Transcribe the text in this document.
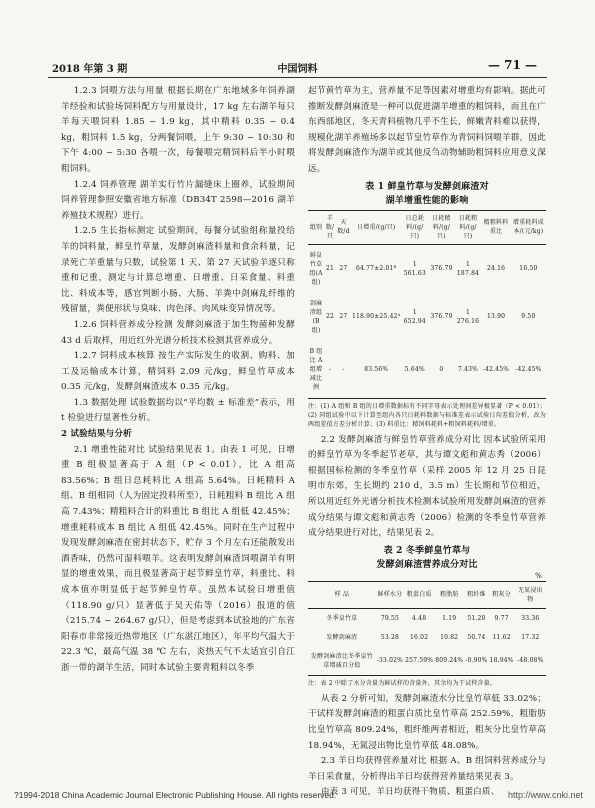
2018 年第 3 期	中国饲料	— 71 —

1.2.3 饲喂方法与用量 根据长期在广东地域多年饲养湖羊经验和试验场饲料配方与用量设计，17 kg 左右湖羊每只羊每天喂饲料 1.85 ~ 1.9 kg，其中精料 0.35 ~ 0.4 kg，粗饲料 1.5 kg，分两餐饲喂，上午 9:30 ~ 10:30 和下午 4:00 ~ 5:30 各喂一次，每餐喂完精饲料后半小时喂粗饲料。

1.2.4 饲养管理 湖羊实行竹片漏缝床上圈养，试验期间饲养管理参照安徽省地方标准（DB34T 2598—2016 湖羊养殖技术规程）进行。

1.2.5 生长指标测定 试验期间，每餐分试验组称量投给羊的饲料量，鲜皇竹草量，发酵剑麻渣料量和食余料量，记录死亡羊重量与只数，试验第 1 天、第 27 天试验羊逐只称重和记重，测定与计算总增重、日增重、日采食量、料重比、料成本等，感官判断小肠、大肠、羊粪中剑麻乱纤维的残留量，粪便形状与臭味、肉色泽、肉风味变异情况等。

1.2.6 饲料营养成分检测 发酵剑麻渣于加生物菌种发酵 43 d 后取样，用近红外光谱分析技术检测其营养成分。

1.2.7 饲料成本核算 按生产实际发生的收割、购料、加工及运输成本计算，精饲料 2.09 元/kg，鲜皇竹草成本 0.35 元/kg，发酵剑麻渣成本 0.35 元/kg。

1.3 数据处理 试验数据均以“平均数 ± 标准差”表示，用 t 检验进行显著性分析。

2 试验结果与分析

2.1 增重性能对比 试验结果见表 1。由表 1 可见，日增重 B 组极显著高于 A 组（P < 0.01），比 A 组高 83.56%；B 组日总耗料比 A 组高 5.64%。日耗精料 A 组、B 组相同（人为固定投料所至），日耗粗料 B 组比 A 组高 7.43%；精粗料合计的料重比 B 组比 A 组低 42.45%；增重耗料成本 B 组比 A 组低 42.45%。同时在生产过程中发现发酵剑麻渣在密封状态下，贮存 3 个月左右还能散发出酒香味，仍然可湿料喂羊。这表明发酵剑麻渣饲喂湖羊有明显的增重效果，而且极显著高于起节鲜皇竹草，料重比、料成本值亦明显低于起节鲜皇竹草。虽然本试验日增重值（118.90 g/只）显著低于吴天佑等（2016）报道的值（215.74 ~ 264.67 g/只），但是考虑到本试验地的广东省阳春市非常接近热带地区（广东湛江地区），年平均气温大于 22.3 ℃，最高气温 38 ℃ 左右，炎热天气不太适宜引自江浙一带的湖羊生活，同时本试验主要青粗料以冬季

起节黄竹草为主，营养量不足等因素对增重均有影响。据此可推断发酵剑麻渣是一种可以促进湖羊增重的粗饲料，而且在广东西部地区，冬天青料植物几乎不生长，鲜嫩青料难以获得，规模化湖羊养殖场多以起节皇竹草作为青饲料饲喂羊群，因此将发酵剑麻渣作为湖羊或其他反刍动物辅助粗饲料应用意义深远。

表 1 鲜皇竹草与发酵剑麻渣对
湖羊增重性能的影响
组别	羊数/只	天数/d	日增重/(g/只)	日总耗料/(g/只)	日耗精料/(g/只)	日耗粗料/(g/只)	精粗料料重比	增重耗料成本/(元/kg)
鲜皇竹草组(A 组)	21	27	64.77±2.01ᴮ	1 561.63	376.79	1 187.84	24.16	16.50
剑麻渣组(B 组)	22	27	118.90±25.42ᴬ	1 652.94	376.79	1 276.16	13.90	9.50
B 组比 A 组增减比例	-	-	83.56%	5.64%	0	7.43%	-42.45%	-42.45%
注：(1) A 组和 B 组的日增重数据标有不同字母表示处理间差异极显著（P < 0.01）；(2) 同组试验中以下计算至组内各只日耗料数据与标准差表示试验日均差值分析，改为两组差值方差分析计算；(3) 料重比：精饲料耗料+粗饲料耗料/增重。

2.2 发酵剑麻渣与鲜皇竹草营养成分对比 因本试验所采用的鲜皇竹草为冬季起节老草，其与谭文彪和黄志秀（2006）根据国标检测的冬季皇竹草（采样 2005 年 12 月 25 日昆明市东郊，生长期约 210 d，3.5 m）生长期和节位相近，所以用近红外光谱分析技术检测本试验所用发酵剑麻渣的营养成分结果与谭文彪和黄志秀（2006）检测的冬季皇竹草营养成分结果进行对比，结果见表 2。

表 2 冬季鲜皇竹草与
发酵剑麻渣营养成分对比
%
样 品	鲜样水分	粗蛋白质	粗脂肪	粗纤维	粗灰分	无氮浸出物
冬季皇竹草	79.55	4.48	1.19	51.20	9.77	33.36
发酵剑麻渣	53.28	16.02	10.82	50.74	11.62	17.32
发酵剑麻渣比冬季皇竹草增减百分值	-33.02%	257.59%	809.24%	-0.90%	18.94%	-48.08%
注：表 2 中除了水分含量为鲜试样的含量外，其余均为干试样含量。

从表 2 分析可知，发酵剑麻渣水分比皇竹草低 33.02%；干试样发酵剑麻渣的粗蛋白质比皇竹草高 252.59%，粗脂肪比皇竹草高 809.24%，粗纤维两者相近，粗灰分比皇竹草高 18.94%，无氮浸出物比皇竹草低 48.08%。

2.3 羊日均获得营养量对比 根据 A、B 组饲料营养成分与羊日采食量，分析得出羊日均获得营养量结果见表 3。

由表 3 可见，羊日均获得干物质、粗蛋白质、

?1994-2018 China Academic Journal Electronic Publishing House. All rights reserved.	http://www.cnki.net
